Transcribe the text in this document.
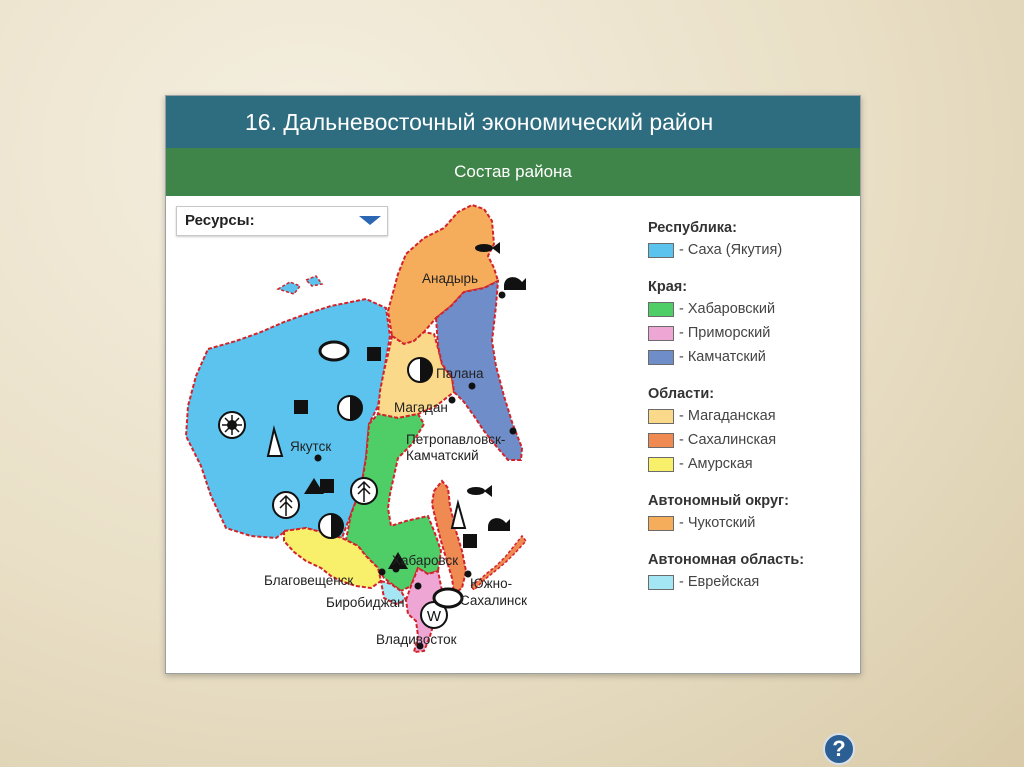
16. Дальневосточный экономический район
Состав района
W
Анадырь
Палана
Магадан
Петропавловск-
Камчатский
Якутск
Хабаровск
Благовещенск
Биробиджан
Южно-
Сахалинск
Владивосток
Ресурсы:	Республика:
- Саха (Якутия)
Края:
- Хабаровский
- Приморский
- Камчатский
Области:
- Магаданская
- Сахалинская
- Амурская
Автономный округ:
- Чукотский
Автономная область:
- Еврейская
?
